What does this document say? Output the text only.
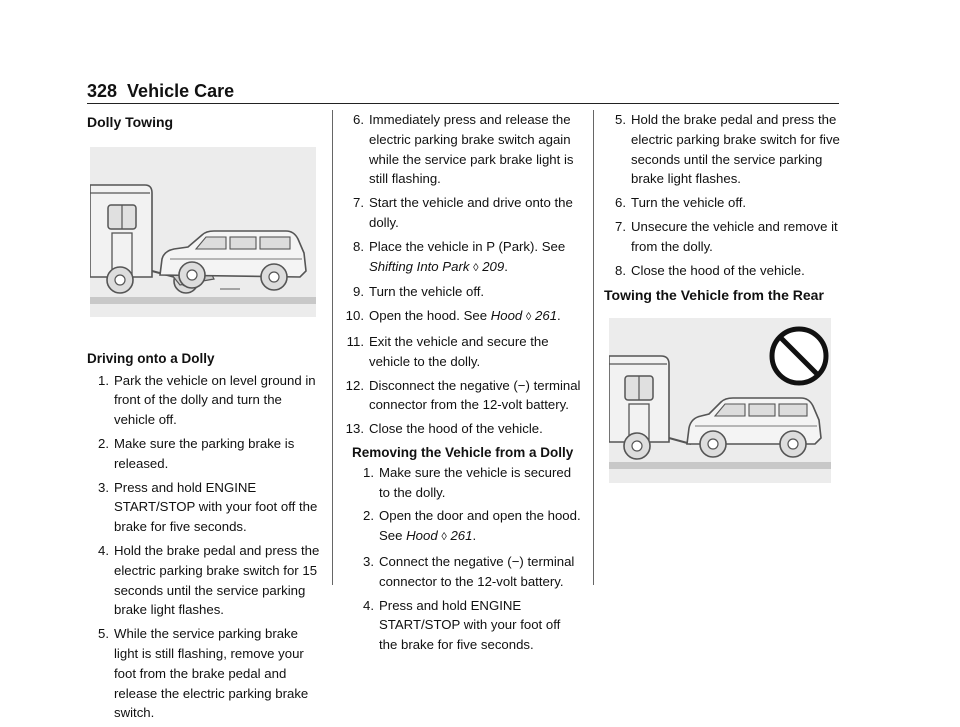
328 Vehicle Care
Dolly Towing

Driving onto a Dolly

1. Park the vehicle on level ground in front of the dolly and turn the vehicle off.
2. Make sure the parking brake is released.
3. Press and hold ENGINE START/STOP with your foot off the brake for five seconds.
4. Hold the brake pedal and press the electric parking brake switch for 15 seconds until the service parking brake light flashes.
5. While the service parking brake light is still flashing, remove your foot from the brake pedal and release the electric parking brake switch.
6. Immediately press and release the electric parking brake switch again while the service park brake light is still flashing.
7. Start the vehicle and drive onto the dolly.
8. Place the vehicle in P (Park). See Shifting Into Park ◊ 209.
9. Turn the vehicle off.
10. Open the hood. See Hood ◊ 261.
11. Exit the vehicle and secure the vehicle to the dolly.
12. Disconnect the negative (−) terminal connector from the 12-volt battery.
13. Close the hood of the vehicle.

Removing the Vehicle from a Dolly

1. Make sure the vehicle is secured to the dolly.
2. Open the door and open the hood. See Hood ◊ 261.
3. Connect the negative (−) terminal connector to the 12-volt battery.
4. Press and hold ENGINE START/STOP with your foot off the brake for five seconds.
5. Hold the brake pedal and press the electric parking brake switch for five seconds until the service parking brake light flashes.
6. Turn the vehicle off.
7. Unsecure the vehicle and remove it from the dolly.
8. Close the hood of the vehicle.
Towing the Vehicle from the Rear
